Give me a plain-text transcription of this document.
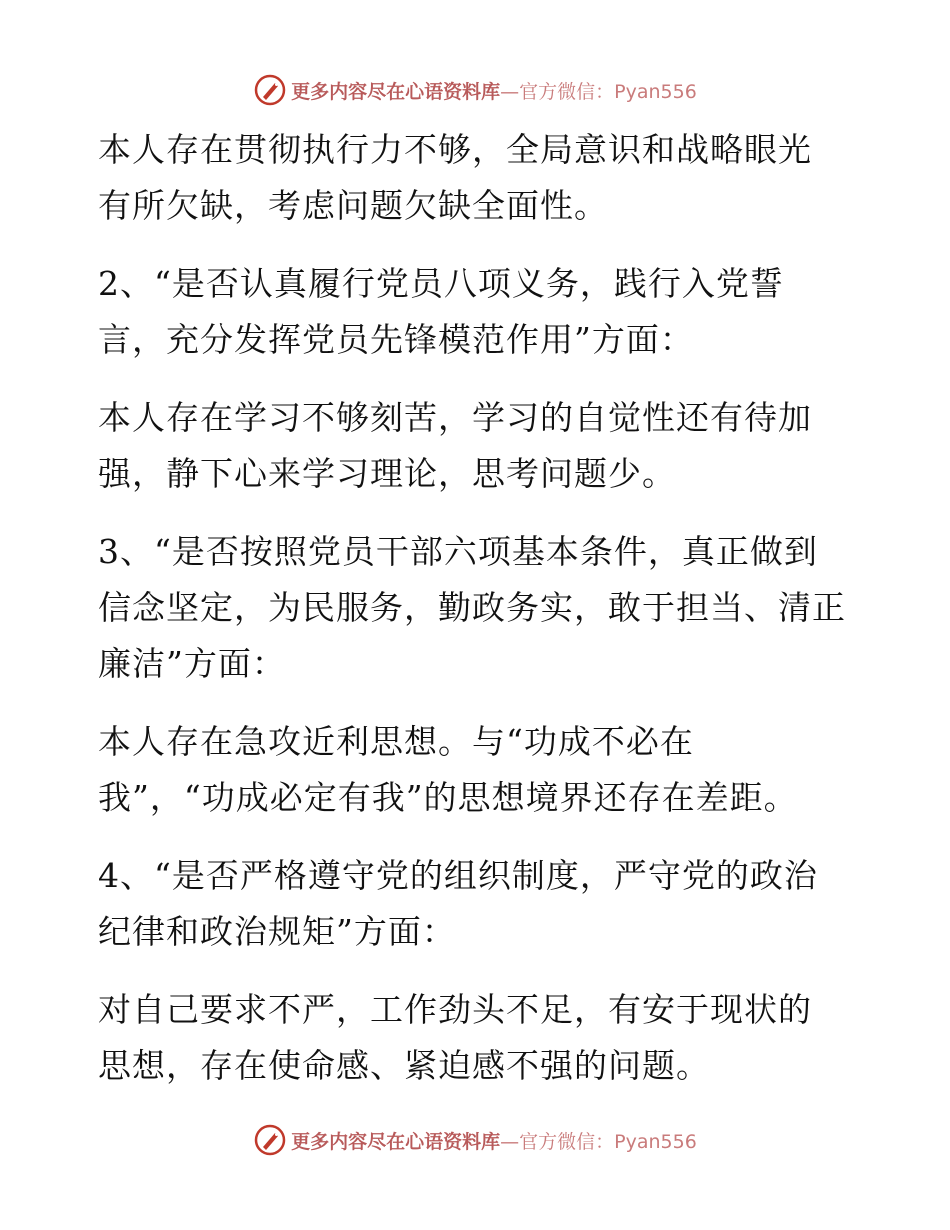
更多内容尽在心语资料库—官方微信：Pyan556

本人存在贯彻执行力不够，全局意识和战略眼光
有所欠缺，考虑问题欠缺全面性。

2、“是否认真履行党员八项义务，践行入党誓
言，充分发挥党员先锋模范作用”方面：

本人存在学习不够刻苦，学习的自觉性还有待加
强，静下心来学习理论，思考问题少。

3、“是否按照党员干部六项基本条件，真正做到
信念坚定，为民服务，勤政务实，敢于担当、清正
廉洁”方面：

本人存在急攻近利思想。与“功成不必在
我”，“功成必定有我”的思想境界还存在差距。

4、“是否严格遵守党的组织制度，严守党的政治
纪律和政治规矩”方面：

对自己要求不严，工作劲头不足，有安于现状的
思想，存在使命感、紧迫感不强的问题。

更多内容尽在心语资料库—官方微信：Pyan556
